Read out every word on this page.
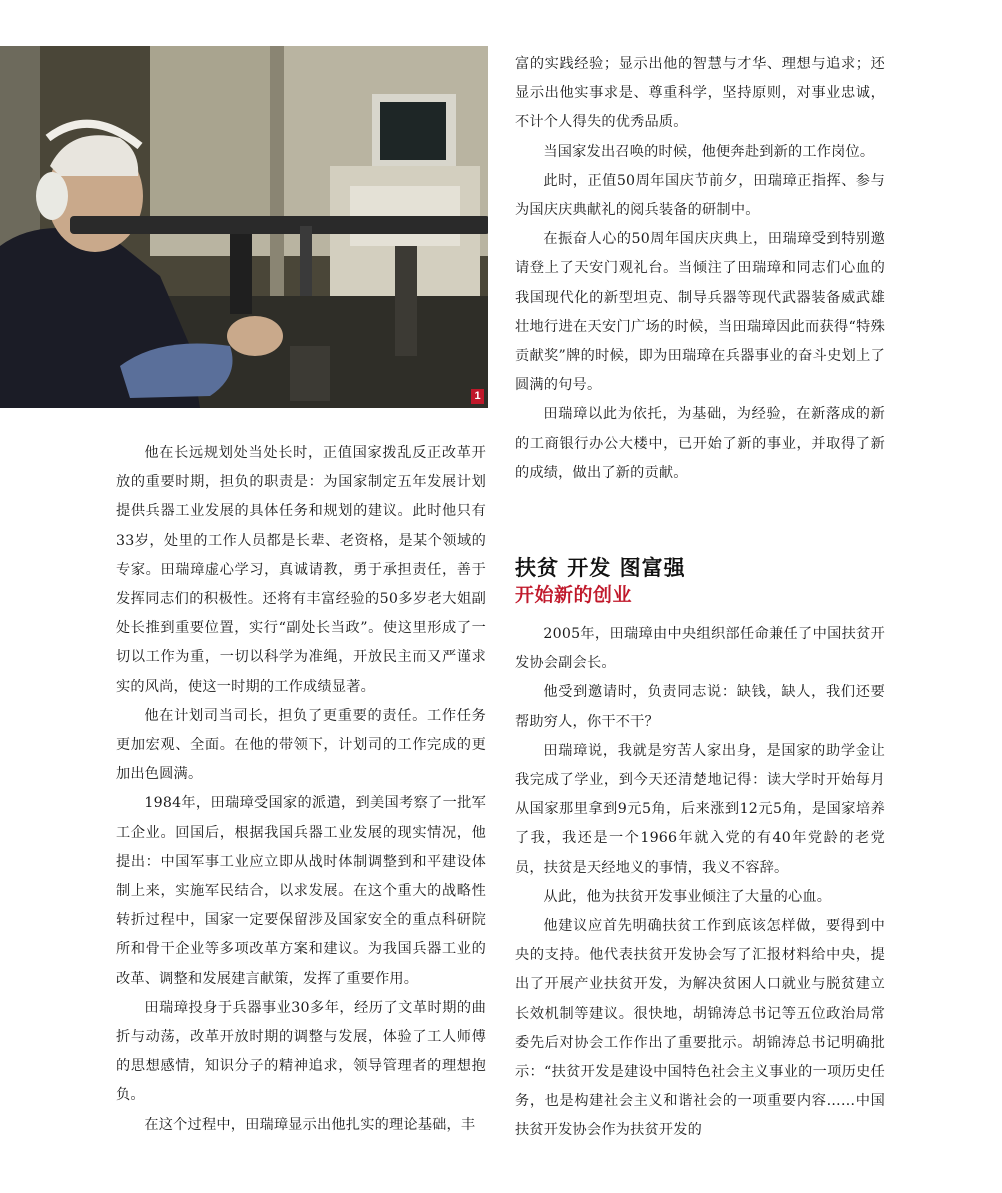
1

他在长远规划处当处长时，正值国家拨乱反正改革开放的重要时期，担负的职责是：为国家制定五年发展计划提供兵器工业发展的具体任务和规划的建议。此时他只有33岁，处里的工作人员都是长辈、老资格，是某个领域的专家。田瑞璋虚心学习，真诚请教，勇于承担责任，善于发挥同志们的积极性。还将有丰富经验的50多岁老大姐副处长推到重要位置，实行“副处长当政”。使这里形成了一切以工作为重，一切以科学为准绳，开放民主而又严谨求实的风尚，使这一时期的工作成绩显著。

他在计划司当司长，担负了更重要的责任。工作任务更加宏观、全面。在他的带领下，计划司的工作完成的更加出色圆满。

1984年，田瑞璋受国家的派遣，到美国考察了一批军工企业。回国后，根据我国兵器工业发展的现实情况，他提出：中国军事工业应立即从战时体制调整到和平建设体制上来，实施军民结合，以求发展。在这个重大的战略性转折过程中，国家一定要保留涉及国家安全的重点科研院所和骨干企业等多项改革方案和建议。为我国兵器工业的改革、调整和发展建言献策，发挥了重要作用。

田瑞璋投身于兵器事业30多年，经历了文革时期的曲折与动荡，改革开放时期的调整与发展，体验了工人师傅的思想感情，知识分子的精神追求，领导管理者的理想抱负。

在这个过程中，田瑞璋显示出他扎实的理论基础，丰

富的实践经验；显示出他的智慧与才华、理想与追求；还显示出他实事求是、尊重科学，坚持原则，对事业忠诚，不计个人得失的优秀品质。

当国家发出召唤的时候，他便奔赴到新的工作岗位。

此时，正值50周年国庆节前夕，田瑞璋正指挥、参与为国庆庆典献礼的阅兵装备的研制中。

在振奋人心的50周年国庆庆典上，田瑞璋受到特别邀请登上了天安门观礼台。当倾注了田瑞璋和同志们心血的我国现代化的新型坦克、制导兵器等现代武器装备威武雄壮地行进在天安门广场的时候，当田瑞璋因此而获得“特殊贡献奖”牌的时候，即为田瑞璋在兵器事业的奋斗史划上了圆满的句号。

田瑞璋以此为依托，为基础，为经验，在新落成的新的工商银行办公大楼中，已开始了新的事业，并取得了新的成绩，做出了新的贡献。

扶贫 开发 图富强
开始新的创业

2005年，田瑞璋由中央组织部任命兼任了中国扶贫开发协会副会长。

他受到邀请时，负责同志说：缺钱，缺人，我们还要帮助穷人，你干不干？

田瑞璋说，我就是穷苦人家出身，是国家的助学金让我完成了学业，到今天还清楚地记得：读大学时开始每月从国家那里拿到9元5角，后来涨到12元5角，是国家培养了我，我还是一个1966年就入党的有40年党龄的老党员，扶贫是天经地义的事情，我义不容辞。

从此，他为扶贫开发事业倾注了大量的心血。

他建议应首先明确扶贫工作到底该怎样做，要得到中央的支持。他代表扶贫开发协会写了汇报材料给中央，提出了开展产业扶贫开发，为解决贫困人口就业与脱贫建立长效机制等建议。很快地，胡锦涛总书记等五位政治局常委先后对协会工作作出了重要批示。胡锦涛总书记明确批示：“扶贫开发是建设中国特色社会主义事业的一项历史任务，也是构建社会主义和谐社会的一项重要内容……中国扶贫开发协会作为扶贫开发的
